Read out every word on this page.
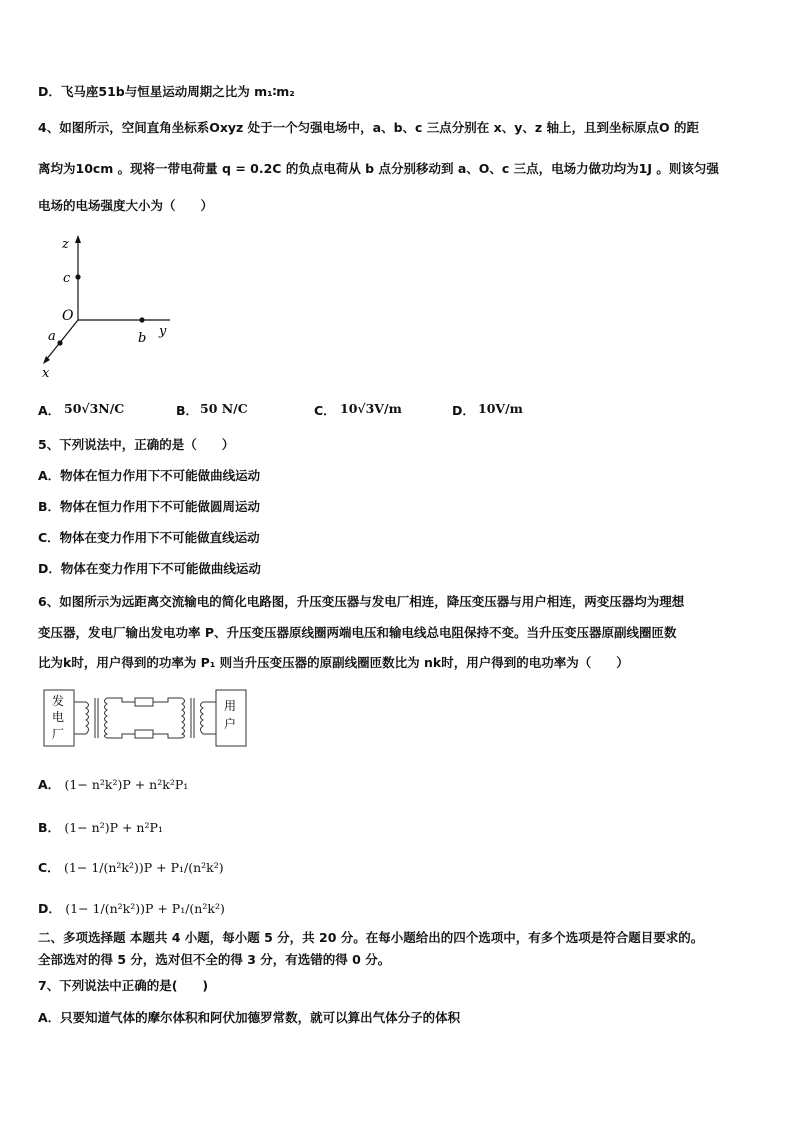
D．飞马座51b与恒星运动周期之比为 m₁∶m₂
4、如图所示，空间直角坐标系Oxyz 处于一个匀强电场中，a、b、c 三点分别在 x、y、z 轴上，且到坐标原点O 的距
离均为10cm 。现将一带电荷量 q = 0.2C 的负点电荷从 b 点分别移动到 a、O、c 三点，电场力做功均为1J 。则该匀强
电场的电场强度大小为（　　）
z
c
O
a	b y
x
A． 50√3N/C	B． 50 N/C	C． 10√3V/m	D． 10V/m
5、下列说法中，正确的是（　　）
A．物体在恒力作用下不可能做曲线运动
B．物体在恒力作用下不可能做圆周运动
C．物体在变力作用下不可能做直线运动
D．物体在变力作用下不可能做曲线运动
6、如图所示为远距离交流输电的简化电路图，升压变压器与发电厂相连，降压变压器与用户相连，两变压器均为理想
变压器，发电厂输出发电功率 P、升压变压器原线圈两端电压和输电线总电阻保持不变。当升压变压器原副线圈匝数
比为k时，用户得到的功率为 P₁ 则当升压变压器的原副线圈匝数比为 nk时，用户得到的电功率为（　　）
发
电
厂
用
户
A． (1− n²k²)P + n²k²P₁
B． (1− n²)P + n²P₁
C． (1− 1/(n²k²))P + P₁/(n²k²)
D． (1− 1/(n²k²))P + P₁/(n²k²)
二、多项选择题 本题共 4 小题，每小题 5 分，共 20 分。在每小题给出的四个选项中，有多个选项是符合题目要求的。
全部选对的得 5 分，选对但不全的得 3 分，有选错的得 0 分。
7、下列说法中正确的是(　　)
A．只要知道气体的摩尔体积和阿伏加德罗常数，就可以算出气体分子的体积
